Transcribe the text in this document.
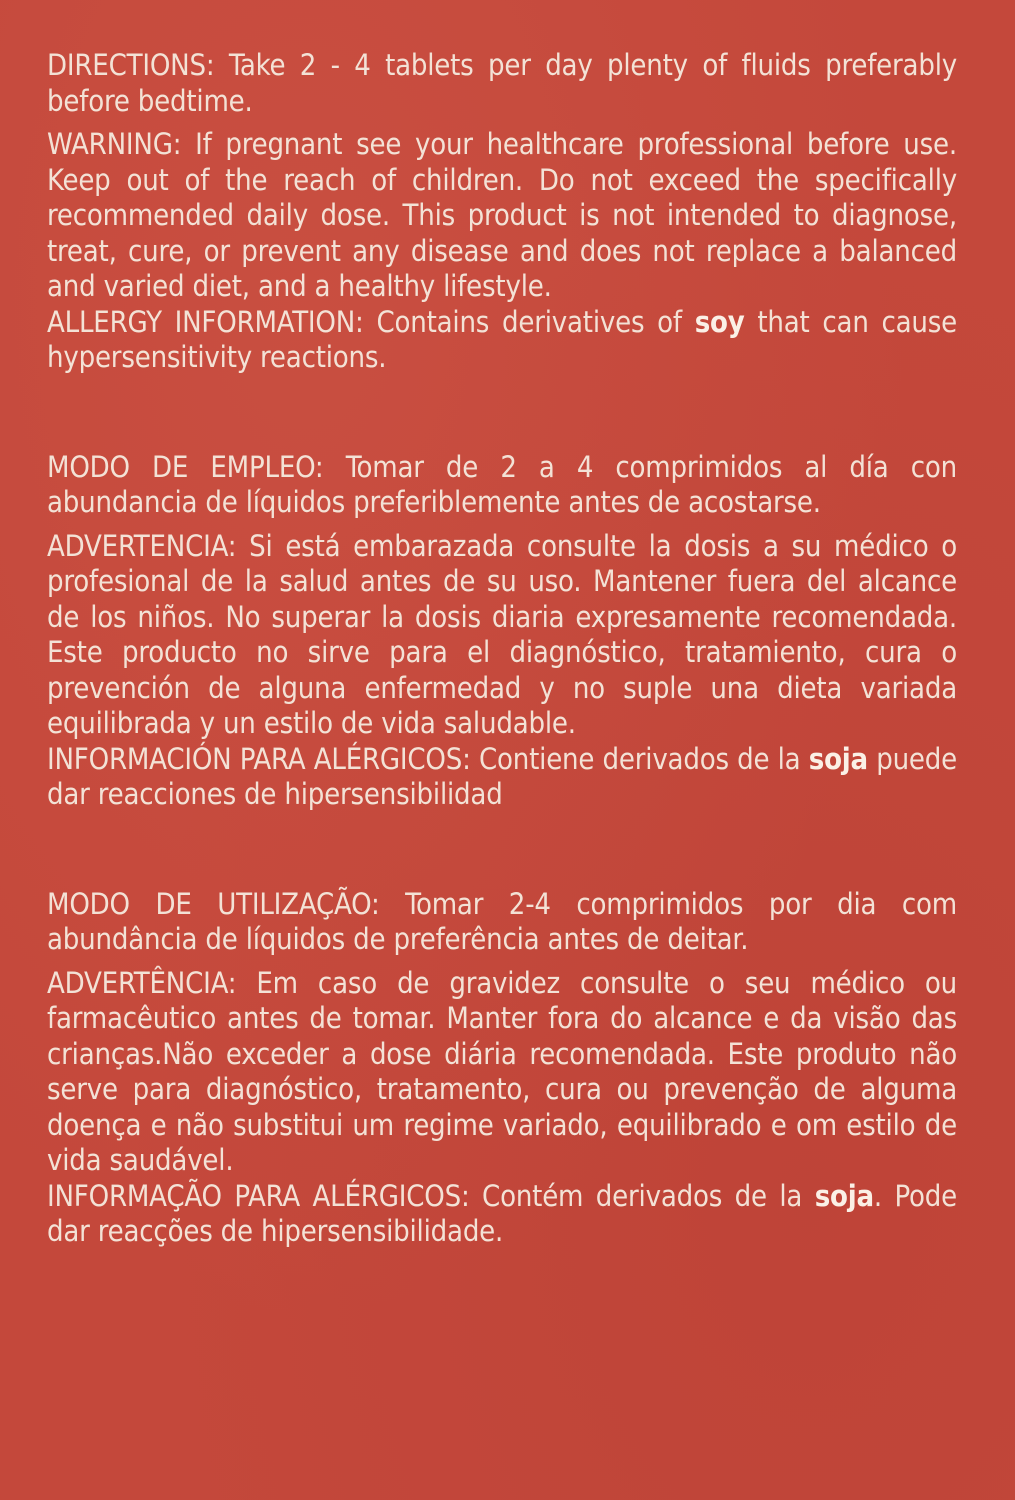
DIRECTIONS: Take 2 - 4 tablets per day plenty of fluids preferably before bedtime.

WARNING: If pregnant see your healthcare professional before use. Keep out of the reach of children. Do not exceed the specifically recommended daily dose. This product is not intended to diagnose, treat, cure, or prevent any disease and does not replace a balanced and varied diet, and a healthy lifestyle.

ALLERGY INFORMATION: Contains derivatives of soy that can cause hypersensitivity reactions.

MODO DE EMPLEO: Tomar de 2 a 4 comprimidos al día con abundancia de líquidos preferiblemente antes de acostarse.

ADVERTENCIA: Si está embarazada consulte la dosis a su médico o profesional de la salud antes de su uso. Mantener fuera del alcance de los niños. No superar la dosis diaria expresamente recomendada. Este producto no sirve para el diagnóstico, tratamiento, cura o prevención de alguna enfermedad y no suple una dieta variada equilibrada y un estilo de vida saludable.

INFORMACIÓN PARA ALÉRGICOS: Contiene derivados de la soja puede dar reacciones de hipersensibilidad

MODO DE UTILIZAÇÃO: Tomar 2-4 comprimidos por dia com abundância de líquidos de preferência antes de deitar.

ADVERTÊNCIA: Em caso de gravidez consulte o seu médico ou farmacêutico antes de tomar. Manter fora do alcance e da visão das crianças.Não exceder a dose diária recomendada. Este produto não serve para diagnóstico, tratamento, cura ou prevenção de alguma doença e não substitui um regime variado, equilibrado e om estilo de vida saudável.

INFORMAÇÃO PARA ALÉRGICOS: Contém derivados de la soja. Pode dar reacções de hipersensibilidade.
